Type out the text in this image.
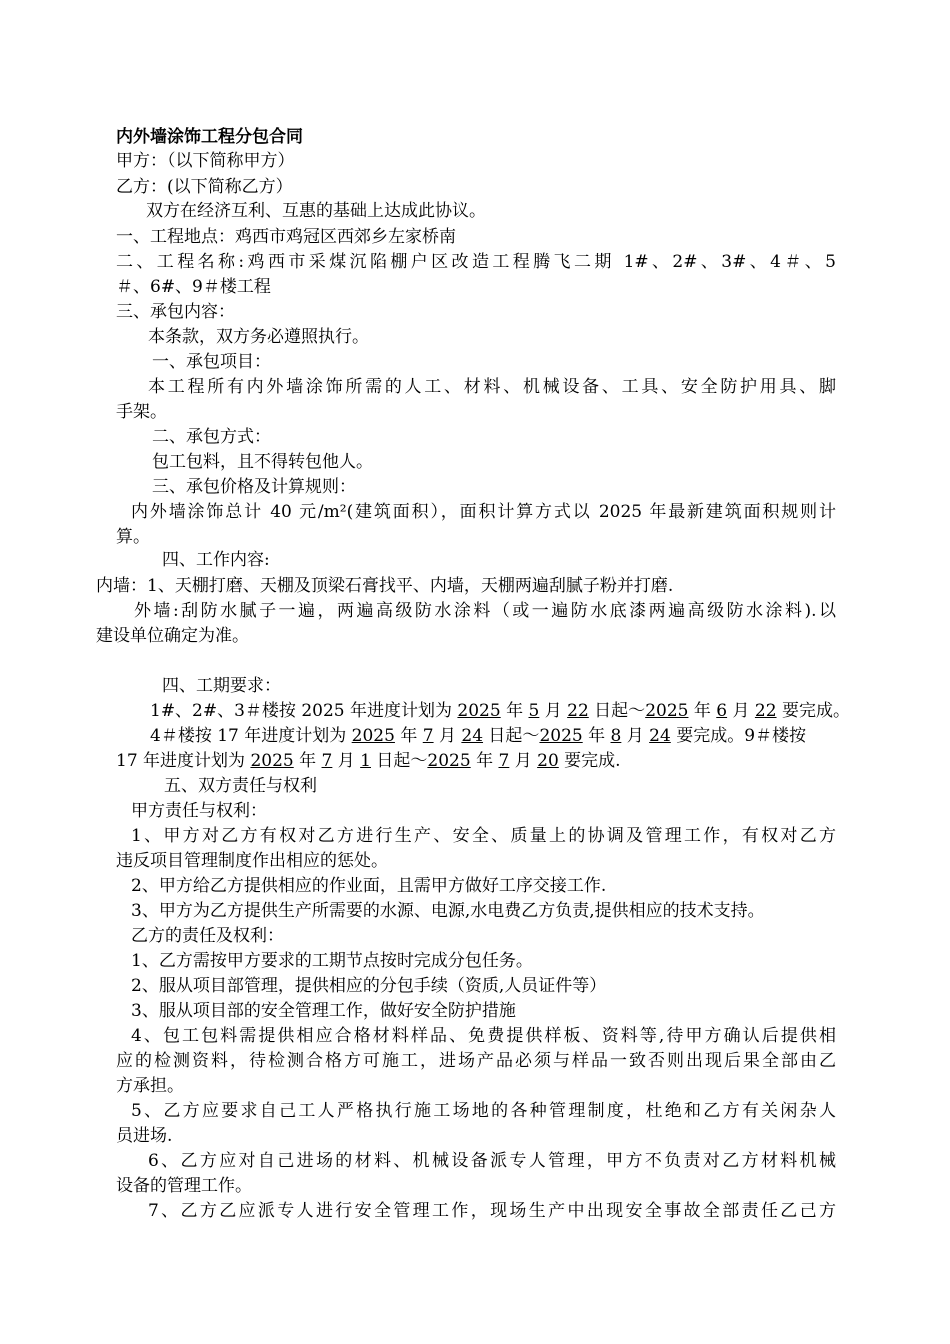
内外墙涂饰工程分包合同
甲方：（以下简称甲方）
乙方：(以下简称乙方）
双方在经济互利、互惠的基础上达成此协议。
一、工程地点：鸡西市鸡冠区西郊乡左家桥南
二、工程名称:鸡西市采煤沉陷棚户区改造工程腾飞二期 1#、2#、3#、4＃、5
＃、6#、9＃楼工程
三、承包内容：
本条款，双方务必遵照执行。
一、承包项目：
本工程所有内外墙涂饰所需的人工、材料、机械设备、工具、安全防护用具、脚
手架。
二、承包方式：
包工包料，且不得转包他人。
三、承包价格及计算规则：
内外墙涂饰总计 40 元/m²(建筑面积），面积计算方式以 2025 年最新建筑面积规则计
算。
四、工作内容:
内墙：1、天棚打磨、天棚及顶梁石膏找平、内墙，天棚两遍刮腻子粉并打磨.
外墙:刮防水腻子一遍，两遍高级防水涂料（或一遍防水底漆两遍高级防水涂料).以
建设单位确定为准。
四、工期要求：
1#、2#、3＃楼按 2025 年进度计划为 2025 年 5 月 22 日起～2025 年 6 月 22 要完成。
4＃楼按 17 年进度计划为 2025 年 7 月 24 日起～2025 年 8 月 24 要完成。9＃楼按
17 年进度计划为 2025 年 7 月 1 日起～2025 年 7 月 20 要完成.
五、双方责任与权利
甲方责任与权利：
1、甲方对乙方有权对乙方进行生产、安全、质量上的协调及管理工作，有权对乙方
违反项目管理制度作出相应的惩处。
2、甲方给乙方提供相应的作业面，且需甲方做好工序交接工作.
3、甲方为乙方提供生产所需要的水源、电源,水电费乙方负责,提供相应的技术支持。
乙方的责任及权利：
1、乙方需按甲方要求的工期节点按时完成分包任务。
2、服从项目部管理，提供相应的分包手续（资质,人员证件等）
3、服从项目部的安全管理工作，做好安全防护措施
4、包工包料需提供相应合格材料样品、免费提供样板、资料等,待甲方确认后提供相
应的检测资料，待检测合格方可施工，进场产品必须与样品一致否则出现后果全部由乙
方承担。
5、乙方应要求自己工人严格执行施工场地的各种管理制度，杜绝和乙方有关闲杂人
员进场.
6、乙方应对自己进场的材料、机械设备派专人管理，甲方不负责对乙方材料机械
设备的管理工作。
7、乙方乙应派专人进行安全管理工作，现场生产中出现安全事故全部责任乙己方
